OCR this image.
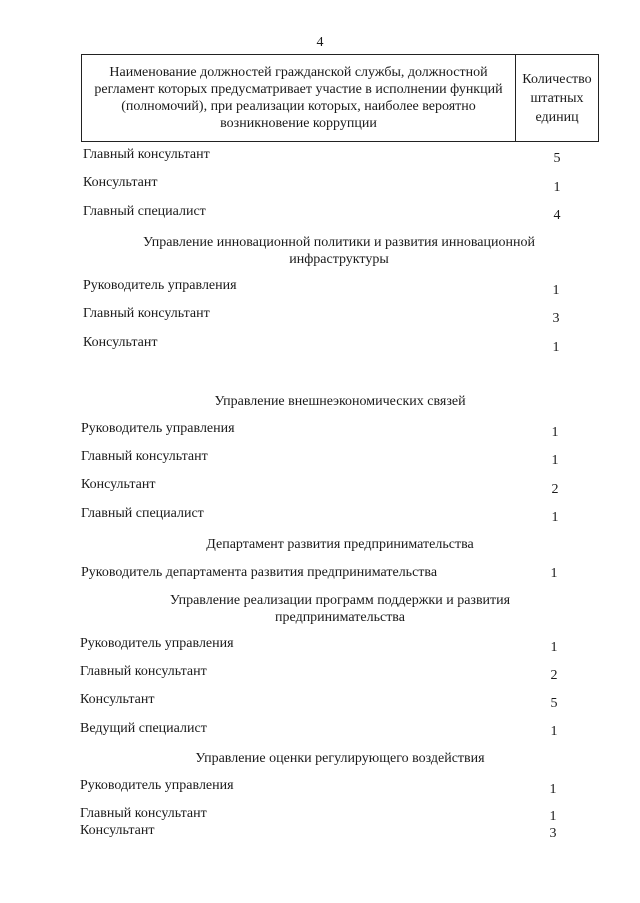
4
Наименование должностей гражданской службы, должностной регламент которых предусматривает участие в исполнении функций (полномочий), при реализации которых, наиболее вероятно возникновение коррупции
Количество штатных единиц
Главный консультант	5
Консультант	1
Главный специалист	4
Управление инновационной политики и развития инновационной инфраструктуры
Руководитель управления	1
Главный консультант	3
Консультант	1
Управление внешнеэкономических связей
Руководитель управления	1
Главный консультант	1
Консультант	2
Главный специалист	1
Департамент развития предпринимательства
Руководитель департамента развития предпринимательства	1
Управление реализации программ поддержки и развития предпринимательства
Руководитель управления	1
Главный консультант	2
Консультант	5
Ведущий специалист	1
Управление оценки регулирующего воздействия
Руководитель управления	1
Главный консультант	1
Консультант	3
